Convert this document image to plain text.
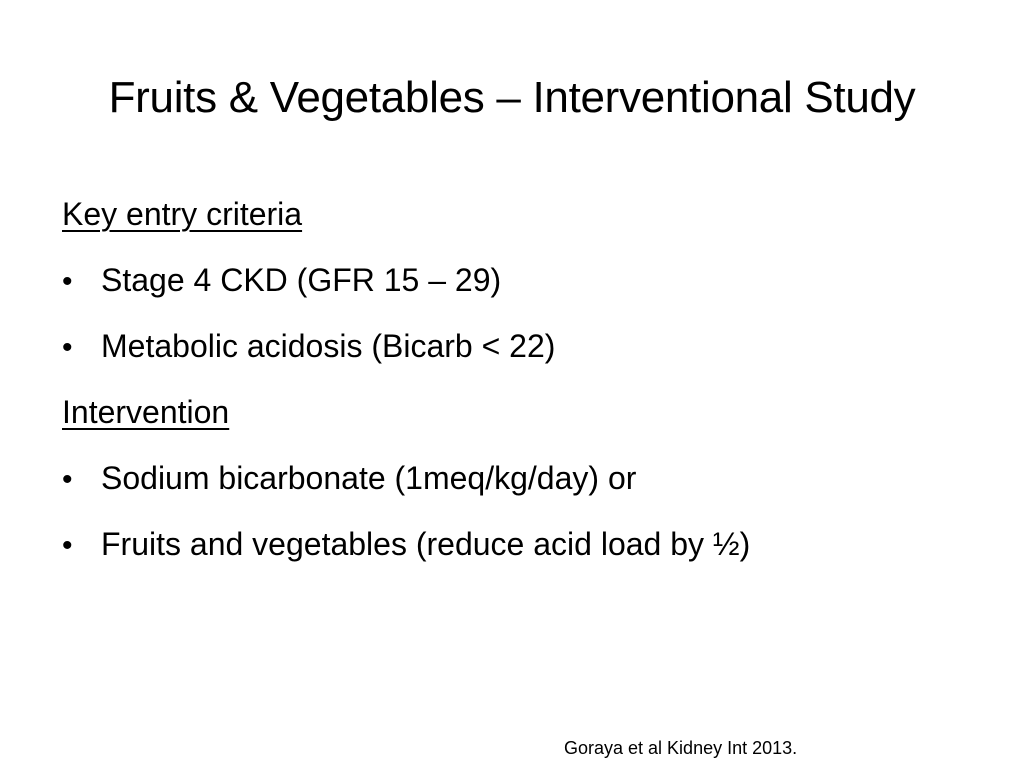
Fruits & Vegetables – Interventional Study
Key entry criteria
• Stage 4 CKD (GFR 15 – 29)
• Metabolic acidosis (Bicarb < 22)
Intervention
• Sodium bicarbonate (1meq/kg/day) or
• Fruits and vegetables (reduce acid load by ½)
Goraya et al Kidney Int 2013.
